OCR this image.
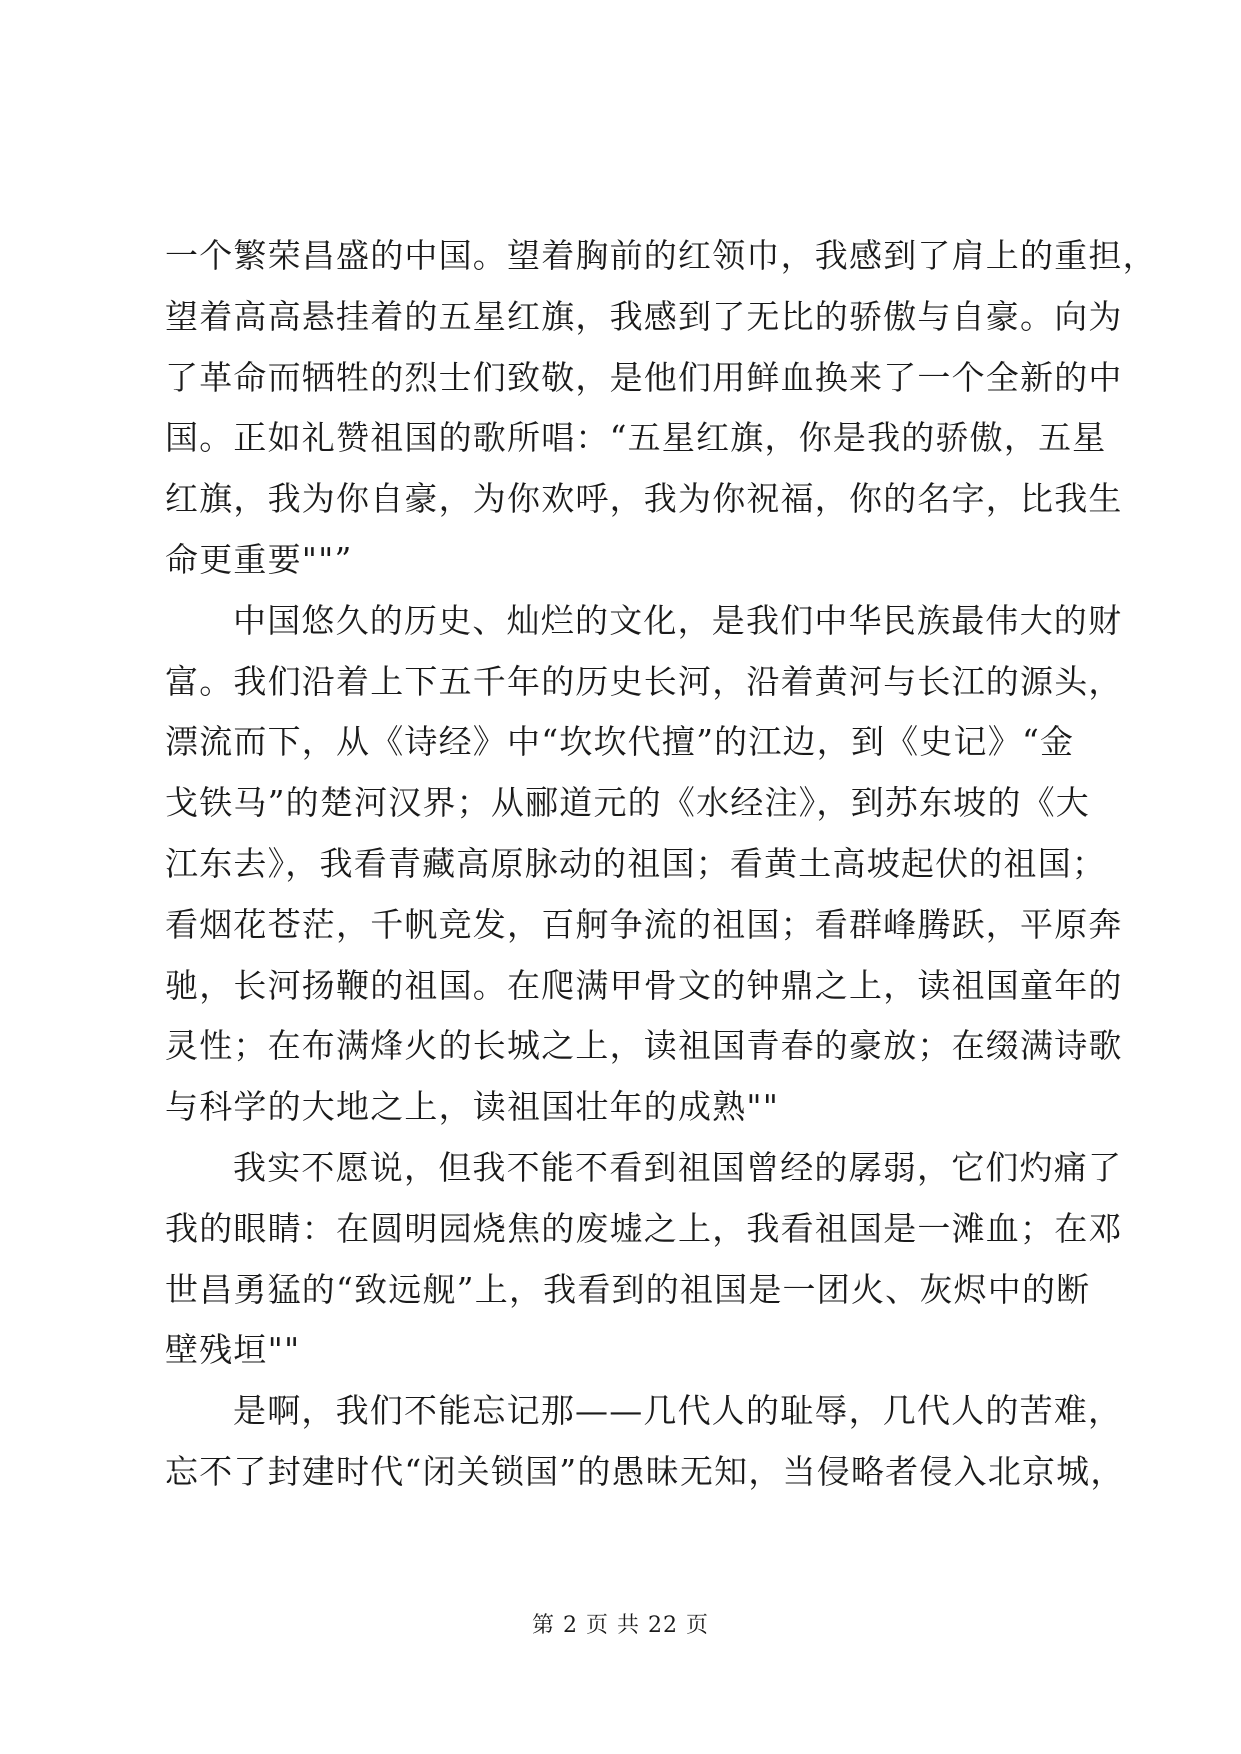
一个繁荣昌盛的中国。望着胸前的红领巾，我感到了肩上的重担，
望着高高悬挂着的五星红旗，我感到了无比的骄傲与自豪。向为
了革命而牺牲的烈士们致敬，是他们用鲜血换来了一个全新的中
国。正如礼赞祖国的歌所唱：“五星红旗，你是我的骄傲，五星
红旗，我为你自豪，为你欢呼，我为你祝福，你的名字，比我生
命更重要""”
中国悠久的历史、灿烂的文化，是我们中华民族最伟大的财
富。我们沿着上下五千年的历史长河，沿着黄河与长江的源头，
漂流而下，从《诗经》中“坎坎代擅”的江边，到《史记》“金
戈铁马”的楚河汉界；从郦道元的《水经注》，到苏东坡的《大
江东去》，我看青藏高原脉动的祖国；看黄土高坡起伏的祖国；
看烟花苍茫，千帆竞发，百舸争流的祖国；看群峰腾跃，平原奔
驰，长河扬鞭的祖国。在爬满甲骨文的钟鼎之上，读祖国童年的
灵性；在布满烽火的长城之上，读祖国青春的豪放；在缀满诗歌
与科学的大地之上，读祖国壮年的成熟""
我实不愿说，但我不能不看到祖国曾经的孱弱，它们灼痛了
我的眼睛：在圆明园烧焦的废墟之上，我看祖国是一滩血；在邓
世昌勇猛的“致远舰”上，我看到的祖国是一团火、灰烬中的断
壁残垣""
是啊，我们不能忘记那——几代人的耻辱，几代人的苦难，
忘不了封建时代“闭关锁国”的愚昧无知，当侵略者侵入北京城，
第 2 页 共 22 页
